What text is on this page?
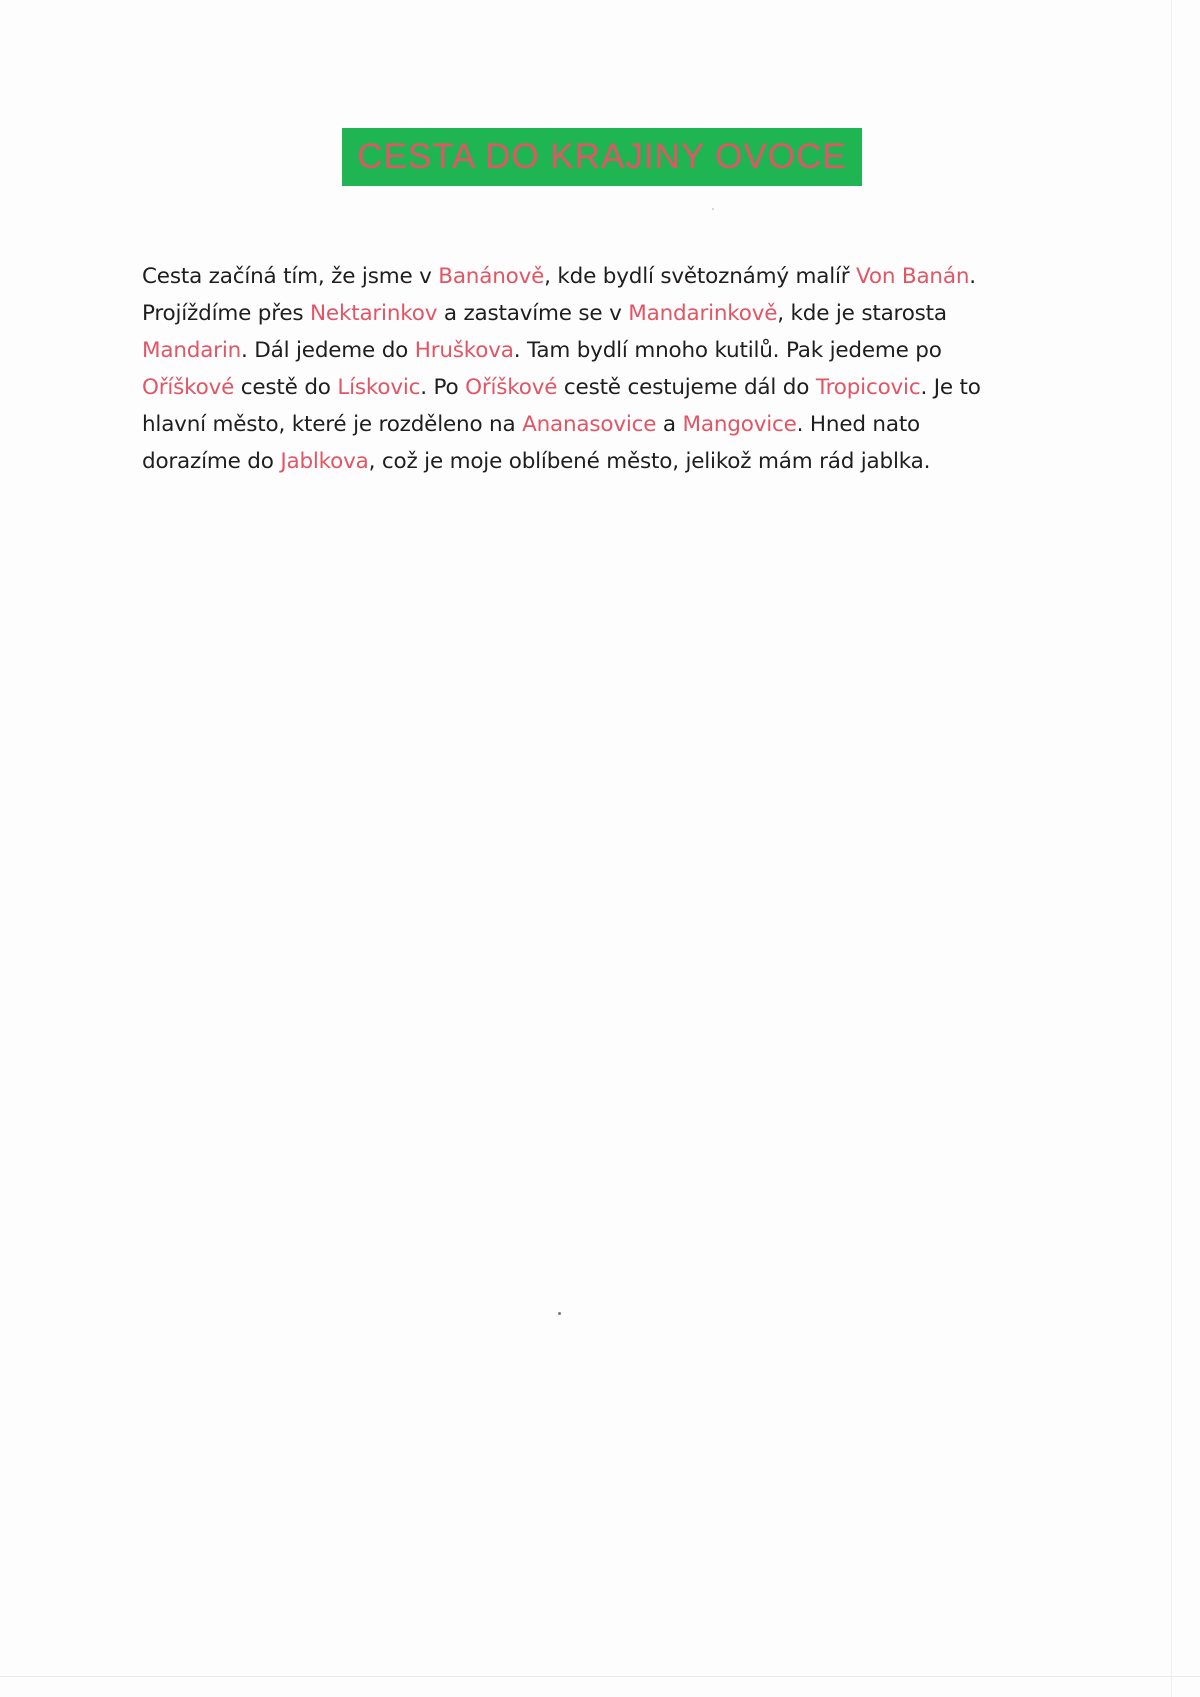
CESTA DO KRAJINY OVOCE
Cesta začíná tím, že jsme v Banánově, kde bydlí světoznámý malíř Von Banán.
Projíždíme přes Nektarinkov a zastavíme se v Mandarinkově, kde je starosta
Mandarin. Dál jedeme do Hruškova. Tam bydlí mnoho kutilů. Pak jedeme po
Oříškové cestě do Lískovic. Po Oříškové cestě cestujeme dál do Tropicovic. Je to
hlavní město, které je rozděleno na Ananasovice a Mangovice. Hned nato
dorazíme do Jablkova, což je moje oblíbené město, jelikož mám rád jablka.
